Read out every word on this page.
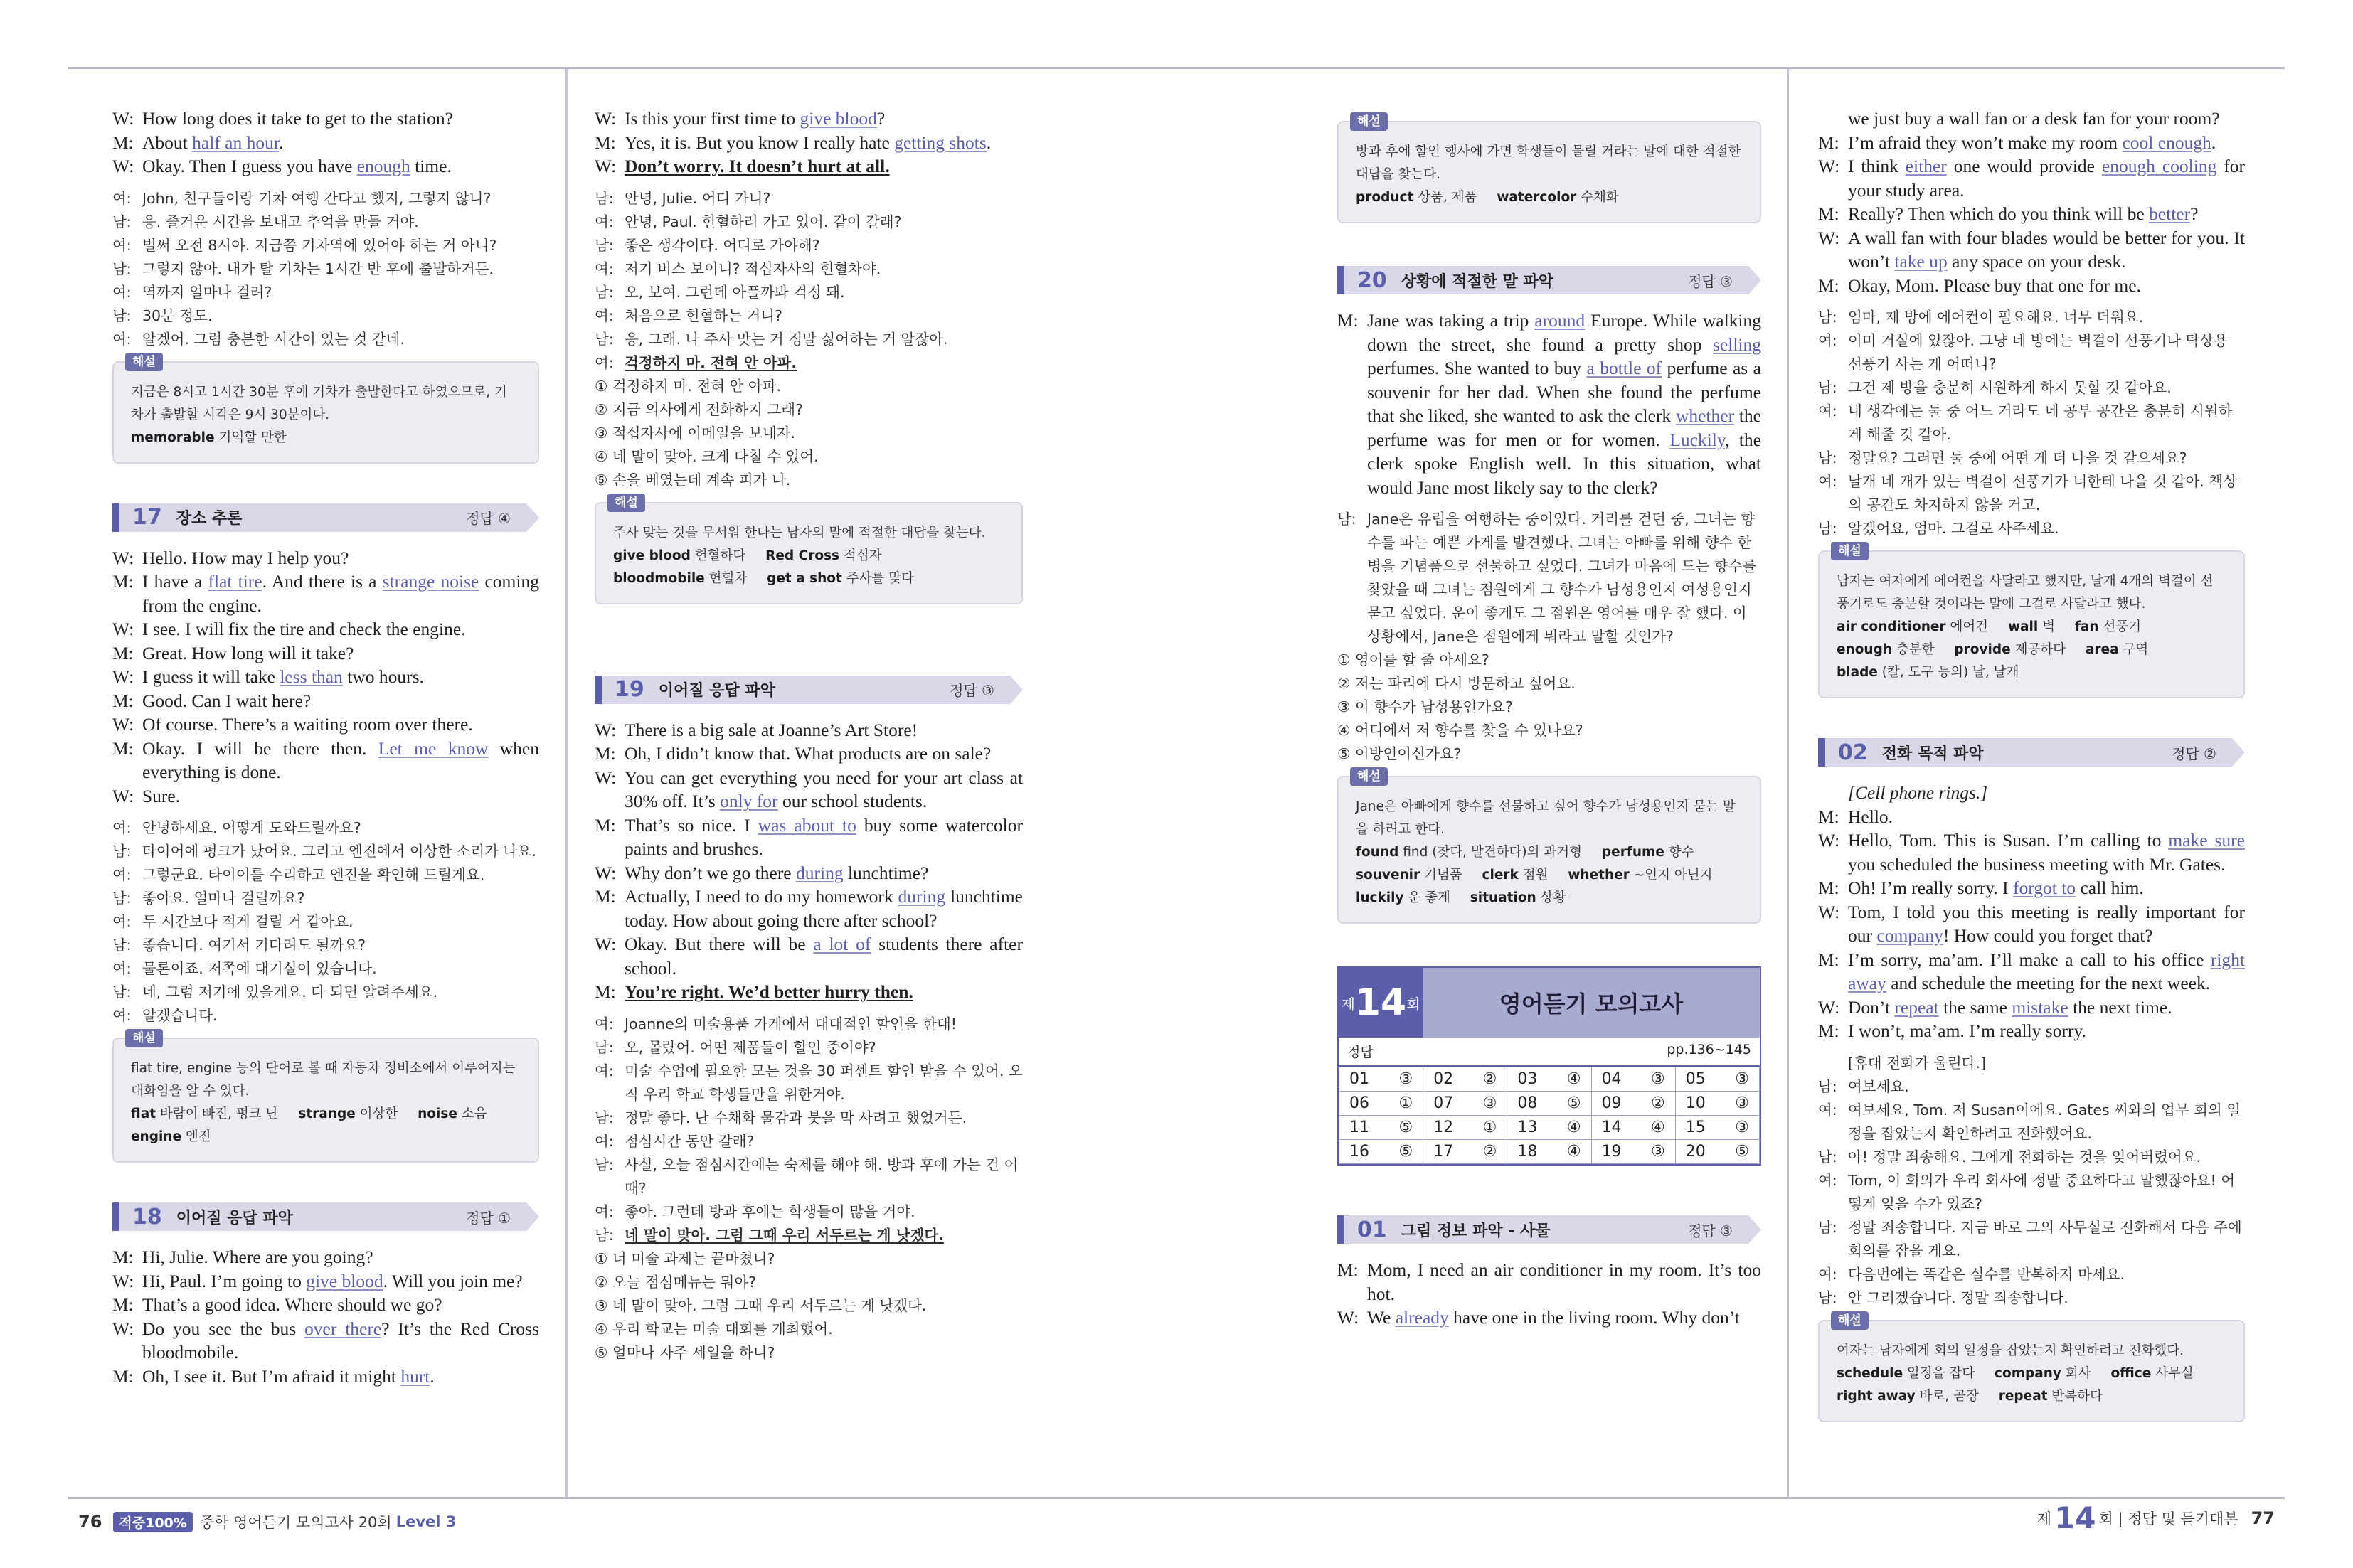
W: How long does it take to get to the station?
M: About half an hour.
W: Okay. Then I guess you have enough time.
여: John, 친구들이랑 기차 여행 간다고 했지, 그렇지 않니?
남: 응. 즐거운 시간을 보내고 추억을 만들 거야.
여: 벌써 오전 8시야. 지금쯤 기차역에 있어야 하는 거 아니?
남: 그렇지 않아. 내가 탈 기차는 1시간 반 후에 출발하거든.
여: 역까지 얼마나 걸려?
남: 30분 정도.
여: 알겠어. 그럼 충분한 시간이 있는 것 같네.
해설
지금은 8시고 1시간 30분 후에 기차가 출발한다고 하였으므로, 기차가 출발할 시각은 9시 30분이다.
memorable 기억할 만한
17 장소 추론	정답 ④
W: Hello. How may I help you?
M: I have a flat tire. And there is a strange noise coming from the engine.
W: I see. I will fix the tire and check the engine.
M: Great. How long will it take?
W: I guess it will take less than two hours.
M: Good. Can I wait here?
W: Of course. There’s a waiting room over there.
M: Okay. I will be there then. Let me know when everything is done.
W: Sure.
여: 안녕하세요. 어떻게 도와드릴까요?
남: 타이어에 펑크가 났어요. 그리고 엔진에서 이상한 소리가 나요.
여: 그렇군요. 타이어를 수리하고 엔진을 확인해 드릴게요.
남: 좋아요. 얼마나 걸릴까요?
여: 두 시간보다 적게 걸릴 거 같아요.
남: 좋습니다. 여기서 기다려도 될까요?
여: 물론이죠. 저쪽에 대기실이 있습니다.
남: 네, 그럼 저기에 있을게요. 다 되면 알려주세요.
여: 알겠습니다.
해설
flat tire, engine 등의 단어로 볼 때 자동차 정비소에서 이루어지는 대화임을 알 수 있다.
flat 바람이 빠진, 펑크 난 strange 이상한 noise 소음 engine 엔진
18 이어질 응답 파악	정답 ①
M: Hi, Julie. Where are you going?
W: Hi, Paul. I’m going to give blood. Will you join me?
M: That’s a good idea. Where should we go?
W: Do you see the bus over there? It’s the Red Cross bloodmobile.
M: Oh, I see it. But I’m afraid it might hurt.
W: Is this your first time to give blood?
M: Yes, it is. But you know I really hate getting shots.
W: Don’t worry. It doesn’t hurt at all.
남: 안녕, Julie. 어디 가니?
여: 안녕, Paul. 헌혈하러 가고 있어. 같이 갈래?
남: 좋은 생각이다. 어디로 가야해?
여: 저기 버스 보이니? 적십자사의 헌혈차야.
남: 오, 보여. 그런데 아플까봐 걱정 돼.
여: 처음으로 헌혈하는 거니?
남: 응, 그래. 나 주사 맞는 거 정말 싫어하는 거 알잖아.
여: 걱정하지 마. 전혀 안 아파.
① 걱정하지 마. 전혀 안 아파.
② 지금 의사에게 전화하지 그래?
③ 적십자사에 이메일을 보내자.
④ 네 말이 맞아. 크게 다칠 수 있어.
⑤ 손을 베였는데 계속 피가 나.
해설
주사 맞는 것을 무서워 한다는 남자의 말에 적절한 대답을 찾는다.
give blood 헌혈하다 Red Cross 적십자 bloodmobile 헌혈차 get a shot 주사를 맞다
19 이어질 응답 파악	정답 ③
W: There is a big sale at Joanne’s Art Store!
M: Oh, I didn’t know that. What products are on sale?
W: You can get everything you need for your art class at 30% off. It’s only for our school students.
M: That’s so nice. I was about to buy some watercolor paints and brushes.
W: Why don’t we go there during lunchtime?
M: Actually, I need to do my homework during lunchtime today. How about going there after school?
W: Okay. But there will be a lot of students there after school.
M: You’re right. We’d better hurry then.
여: Joanne의 미술용품 가게에서 대대적인 할인을 한대!
남: 오, 몰랐어. 어떤 제품들이 할인 중이야?
여: 미술 수업에 필요한 모든 것을 30 퍼센트 할인 받을 수 있어. 오직 우리 학교 학생들만을 위한거야.
남: 정말 좋다. 난 수채화 물감과 붓을 막 사려고 했었거든.
여: 점심시간 동안 갈래?
남: 사실, 오늘 점심시간에는 숙제를 해야 해. 방과 후에 가는 건 어때?
여: 좋아. 그런데 방과 후에는 학생들이 많을 거야.
남: 네 말이 맞아. 그럼 그때 우리 서두르는 게 낫겠다.
① 너 미술 과제는 끝마쳤니?
② 오늘 점심메뉴는 뭐야?
③ 네 말이 맞아. 그럼 그때 우리 서두르는 게 낫겠다.
④ 우리 학교는 미술 대회를 개최했어.
⑤ 얼마나 자주 세일을 하니?
해설
방과 후에 할인 행사에 가면 학생들이 몰릴 거라는 말에 대한 적절한 대답을 찾는다.
product 상품, 제품 watercolor 수채화
20 상황에 적절한 말 파악	정답 ③
M: Jane was taking a trip around Europe. While walking down the street, she found a pretty shop selling perfumes. She wanted to buy a bottle of perfume as a souvenir for her dad. When she found the perfume that she liked, she wanted to ask the clerk whether the perfume was for men or for women. Luckily, the clerk spoke English well. In this situation, what would Jane most likely say to the clerk?
남: Jane은 유럽을 여행하는 중이었다. 거리를 걷던 중, 그녀는 향수를 파는 예쁜 가게를 발견했다. 그녀는 아빠를 위해 향수 한 병을 기념품으로 선물하고 싶었다. 그녀가 마음에 드는 향수를 찾았을 때 그녀는 점원에게 그 향수가 남성용인지 여성용인지 묻고 싶었다. 운이 좋게도 그 점원은 영어를 매우 잘 했다. 이 상황에서, Jane은 점원에게 뭐라고 말할 것인가?
① 영어를 할 줄 아세요?
② 저는 파리에 다시 방문하고 싶어요.
③ 이 향수가 남성용인가요?
④ 어디에서 저 향수를 찾을 수 있나요?
⑤ 이방인이신가요?
해설
Jane은 아빠에게 향수를 선물하고 싶어 향수가 남성용인지 묻는 말을 하려고 한다.
found find (찾다, 발견하다)의 과거형 perfume 향수 souvenir 기념품 clerk 점원 whether ~인지 아닌지 luckily 운 좋게 situation 상황
제 14 회	영어듣기 모의고사
정답	pp.136~145
01 ③	02 ②	03 ④	04 ③	05 ③

06 ①	07 ③	08 ⑤	09 ②	10 ③

11 ⑤	12 ①	13 ④	14 ④	15 ③

16 ⑤	17 ②	18 ④	19 ③	20 ⑤
01 그림 정보 파악 - 사물	정답 ③
M: Mom, I need an air conditioner in my room. It’s too hot.
W: We already have one in the living room. Why don’t
we just buy a wall fan or a desk fan for your room?
M: I’m afraid they won’t make my room cool enough.
W: I think either one would provide enough cooling for your study area.
M: Really? Then which do you think will be better?
W: A wall fan with four blades would be better for you. It won’t take up any space on your desk.
M: Okay, Mom. Please buy that one for me.
남: 엄마, 제 방에 에어컨이 필요해요. 너무 더워요.
여: 이미 거실에 있잖아. 그냥 네 방에는 벽걸이 선풍기나 탁상용 선풍기 사는 게 어떠니?
남: 그건 제 방을 충분히 시원하게 하지 못할 것 같아요.
여: 내 생각에는 둘 중 어느 거라도 네 공부 공간은 충분히 시원하게 해줄 것 같아.
남: 정말요? 그러면 둘 중에 어떤 게 더 나을 것 같으세요?
여: 날개 네 개가 있는 벽걸이 선풍기가 너한테 나을 것 같아. 책상의 공간도 차지하지 않을 거고.
남: 알겠어요, 엄마. 그걸로 사주세요.
해설
남자는 여자에게 에어컨을 사달라고 했지만, 날개 4개의 벽걸이 선풍기로도 충분할 것이라는 말에 그걸로 사달라고 했다.
air conditioner 에어컨 wall 벽 fan 선풍기 enough 충분한 provide 제공하다 area 구역 blade (칼, 도구 등의) 날, 날개
02 전화 목적 파악	정답 ②
[Cell phone rings.]
M: Hello.
W: Hello, Tom. This is Susan. I’m calling to make sure you scheduled the business meeting with Mr. Gates.
M: Oh! I’m really sorry. I forgot to call him.
W: Tom, I told you this meeting is really important for our company! How could you forget that?
M: I’m sorry, ma’am. I’ll make a call to his office right away and schedule the meeting for the next week.
W: Don’t repeat the same mistake the next time.
M: I won’t, ma’am. I’m really sorry.
[휴대 전화가 울린다.]
남: 여보세요.
여: 여보세요, Tom. 저 Susan이에요. Gates 씨와의 업무 회의 일정을 잡았는지 확인하려고 전화했어요.
남: 아! 정말 죄송해요. 그에게 전화하는 것을 잊어버렸어요.
여: Tom, 이 회의가 우리 회사에 정말 중요하다고 말했잖아요! 어떻게 잊을 수가 있죠?
남: 정말 죄송합니다. 지금 바로 그의 사무실로 전화해서 다음 주에 회의를 잡을 게요.
여: 다음번에는 똑같은 실수를 반복하지 마세요.
남: 안 그러겠습니다. 정말 죄송합니다.
해설
여자는 남자에게 회의 일정을 잡았는지 확인하려고 전화했다.
schedule 일정을 잡다 company 회사 office 사무실 right away 바로, 곧장 repeat 반복하다
76	적중100% 중학 영어듣기 모의고사 20회 Level 3	제 14 회 | 정답 및 듣기대본 77
